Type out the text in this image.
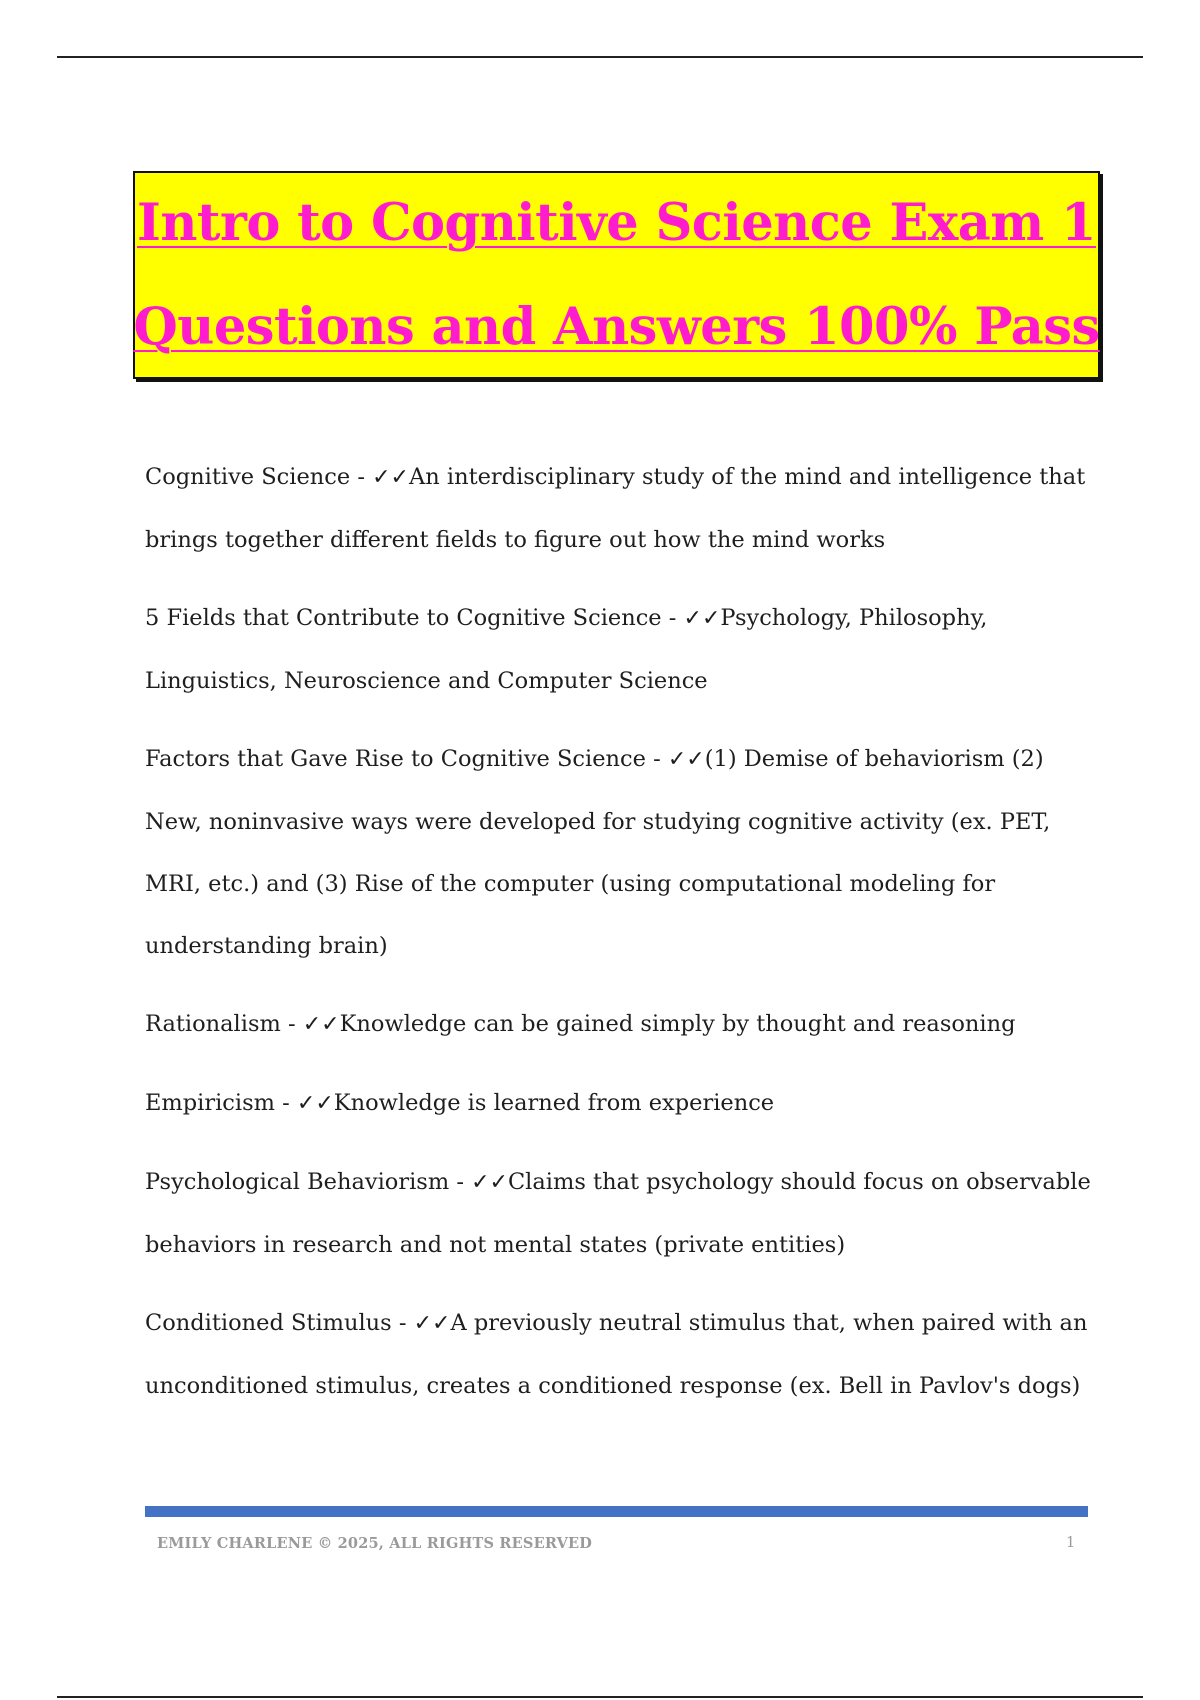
Intro to Cognitive Science Exam 1
Questions and Answers 100% Pass

Cognitive Science - ✓✓An interdisciplinary study of the mind and intelligence that brings together different fields to figure out how the mind works

5 Fields that Contribute to Cognitive Science - ✓✓Psychology, Philosophy, Linguistics, Neuroscience and Computer Science

Factors that Gave Rise to Cognitive Science - ✓✓(1) Demise of behaviorism (2) New, noninvasive ways were developed for studying cognitive activity (ex. PET, MRI, etc.) and (3) Rise of the computer (using computational modeling for understanding brain)

Rationalism - ✓✓Knowledge can be gained simply by thought and reasoning

Empiricism - ✓✓Knowledge is learned from experience

Psychological Behaviorism - ✓✓Claims that psychology should focus on observable behaviors in research and not mental states (private entities)

Conditioned Stimulus - ✓✓A previously neutral stimulus that, when paired with an unconditioned stimulus, creates a conditioned response (ex. Bell in Pavlov's dogs)

EMILY CHARLENE © 2025, ALL RIGHTS RESERVED	1
